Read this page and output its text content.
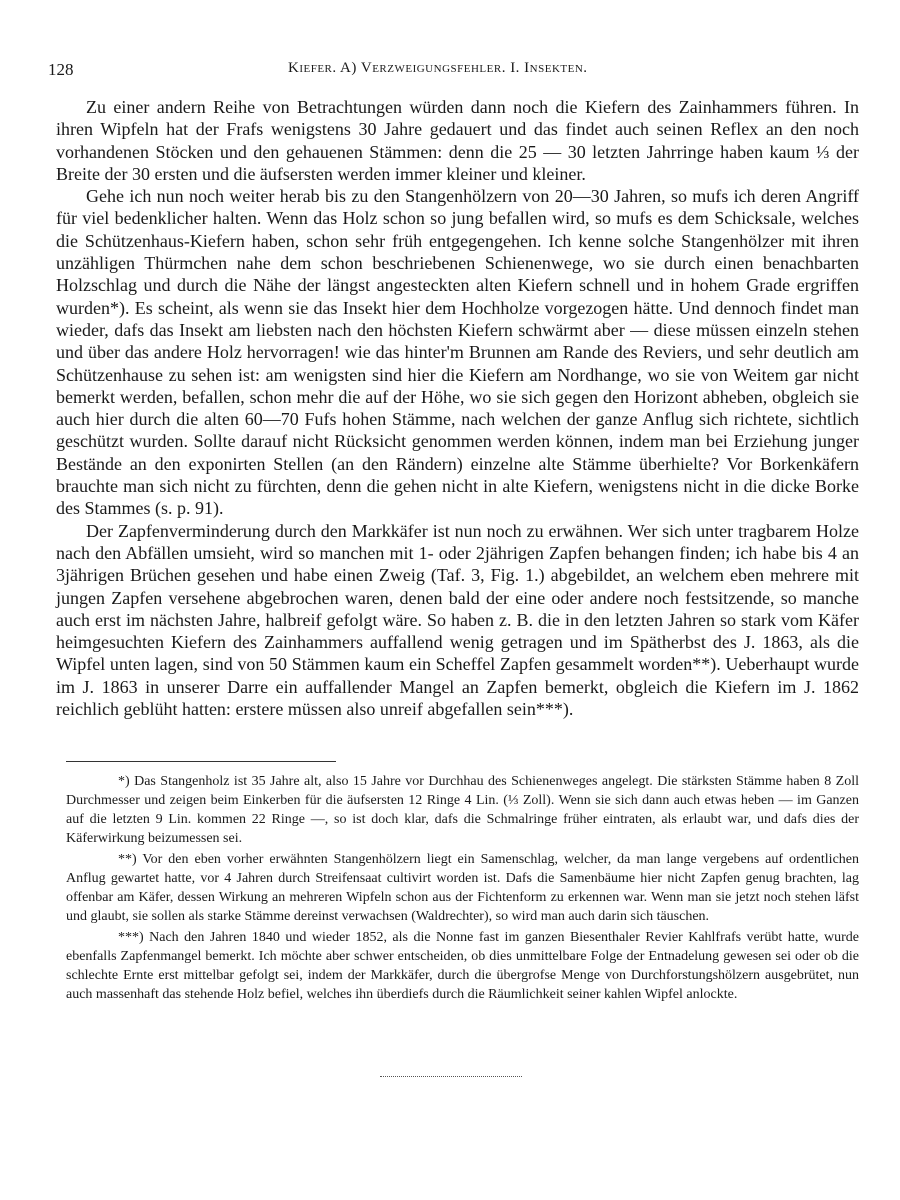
128	Kiefer. A) Verzweigungsfehler. I. Insekten.

Zu einer andern Reihe von Betrachtungen würden dann noch die Kiefern des Zainhammers führen. In ihren Wipfeln hat der Frafs wenigstens 30 Jahre gedauert und das findet auch seinen Reflex an den noch vorhandenen Stöcken und den gehauenen Stämmen: denn die 25 — 30 letzten Jahrringe haben kaum ⅓ der Breite der 30 ersten und die äufsersten werden immer kleiner und kleiner.

Gehe ich nun noch weiter herab bis zu den Stangenhölzern von 20—30 Jahren, so mufs ich deren Angriff für viel bedenklicher halten. Wenn das Holz schon so jung befallen wird, so mufs es dem Schicksale, welches die Schützenhaus-Kiefern haben, schon sehr früh entgegengehen. Ich kenne solche Stangenhölzer mit ihren unzähligen Thürmchen nahe dem schon beschriebenen Schienenwege, wo sie durch einen benachbarten Holzschlag und durch die Nähe der längst angesteckten alten Kiefern schnell und in hohem Grade ergriffen wurden*). Es scheint, als wenn sie das Insekt hier dem Hochholze vorgezogen hätte. Und dennoch findet man wieder, dafs das Insekt am liebsten nach den höchsten Kiefern schwärmt aber — diese müssen einzeln stehen und über das andere Holz hervorragen! wie das hinter'm Brunnen am Rande des Reviers, und sehr deutlich am Schützenhause zu sehen ist: am wenigsten sind hier die Kiefern am Nordhange, wo sie von Weitem gar nicht bemerkt werden, befallen, schon mehr die auf der Höhe, wo sie sich gegen den Horizont abheben, obgleich sie auch hier durch die alten 60—70 Fufs hohen Stämme, nach welchen der ganze Anflug sich richtete, sichtlich geschützt wurden. Sollte darauf nicht Rücksicht genommen werden können, indem man bei Erziehung junger Bestände an den exponirten Stellen (an den Rändern) einzelne alte Stämme überhielte? Vor Borkenkäfern brauchte man sich nicht zu fürchten, denn die gehen nicht in alte Kiefern, wenigstens nicht in die dicke Borke des Stammes (s. p. 91).

Der Zapfenverminderung durch den Markkäfer ist nun noch zu erwähnen. Wer sich unter tragbarem Holze nach den Abfällen umsieht, wird so manchen mit 1- oder 2jährigen Zapfen behangen finden; ich habe bis 4 an 3jährigen Brüchen gesehen und habe einen Zweig (Taf. 3, Fig. 1.) abgebildet, an welchem eben mehrere mit jungen Zapfen versehene abgebrochen waren, denen bald der eine oder andere noch festsitzende, so manche auch erst im nächsten Jahre, halbreif gefolgt wäre. So haben z. B. die in den letzten Jahren so stark vom Käfer heimgesuchten Kiefern des Zainhammers auffallend wenig getragen und im Spätherbst des J. 1863, als die Wipfel unten lagen, sind von 50 Stämmen kaum ein Scheffel Zapfen gesammelt worden**). Ueberhaupt wurde im J. 1863 in unserer Darre ein auffallender Mangel an Zapfen bemerkt, obgleich die Kiefern im J. 1862 reichlich geblüht hatten: erstere müssen also unreif abgefallen sein***).

*) Das Stangenholz ist 35 Jahre alt, also 15 Jahre vor Durchhau des Schienenweges angelegt. Die stärksten Stämme haben 8 Zoll Durchmesser und zeigen beim Einkerben für die äufsersten 12 Ringe 4 Lin. (⅓ Zoll). Wenn sie sich dann auch etwas heben — im Ganzen auf die letzten 9 Lin. kommen 22 Ringe —, so ist doch klar, dafs die Schmalringe früher eintraten, als erlaubt war, und dafs dies der Käferwirkung beizumessen sei.

**) Vor den eben vorher erwähnten Stangenhölzern liegt ein Samenschlag, welcher, da man lange vergebens auf ordentlichen Anflug gewartet hatte, vor 4 Jahren durch Streifensaat cultivirt worden ist. Dafs die Samenbäume hier nicht Zapfen genug brachten, lag offenbar am Käfer, dessen Wirkung an mehreren Wipfeln schon aus der Fichtenform zu erkennen war. Wenn man sie jetzt noch stehen läfst und glaubt, sie sollen als starke Stämme dereinst verwachsen (Waldrechter), so wird man auch darin sich täuschen.

***) Nach den Jahren 1840 und wieder 1852, als die Nonne fast im ganzen Biesenthaler Revier Kahlfrafs verübt hatte, wurde ebenfalls Zapfenmangel bemerkt. Ich möchte aber schwer entscheiden, ob dies unmittelbare Folge der Entnadelung gewesen sei oder ob die schlechte Ernte erst mittelbar gefolgt sei, indem der Markkäfer, durch die übergrofse Menge von Durchforstungshölzern ausgebrütet, nun auch massenhaft das stehende Holz befiel, welches ihn überdiefs durch die Räumlichkeit seiner kahlen Wipfel anlockte.
